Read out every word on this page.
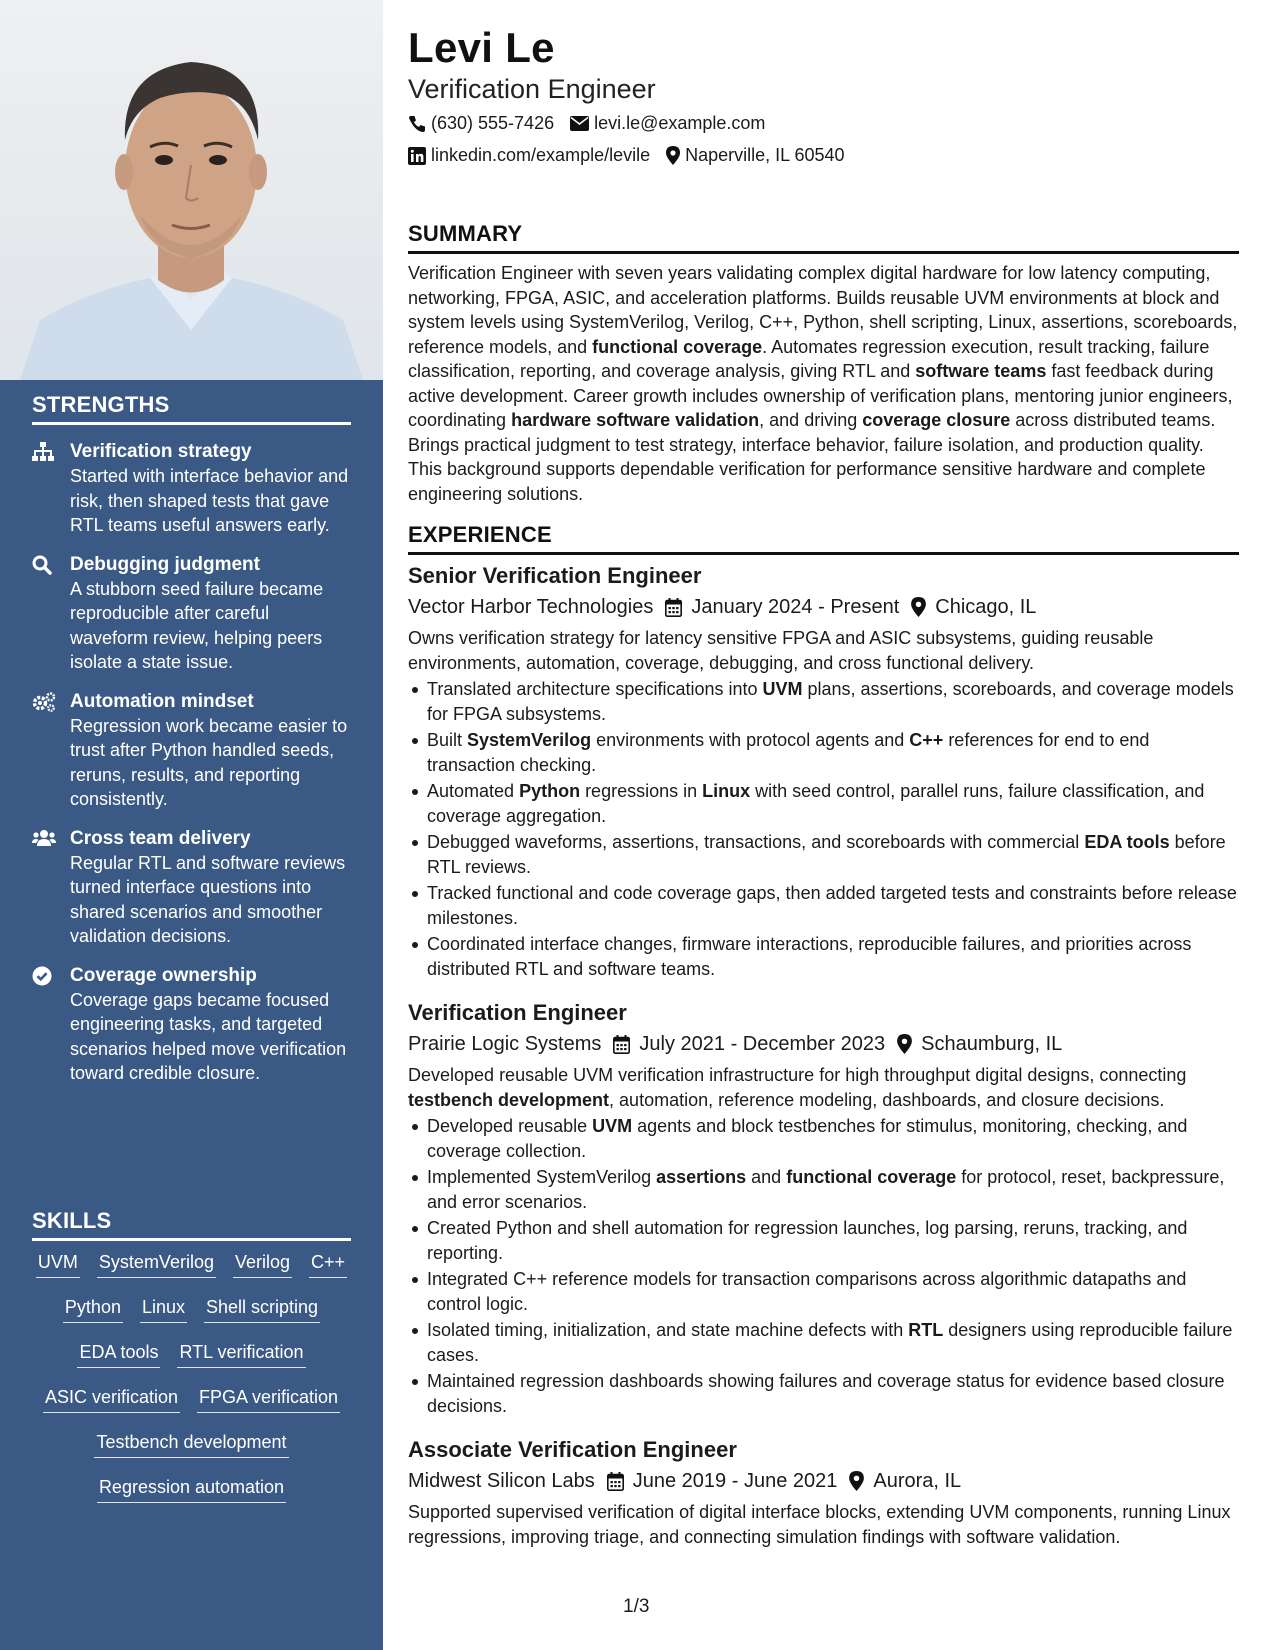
STRENGTHS
Verification strategy
Started with interface behavior and risk, then shaped tests that gave RTL teams useful answers early.
Debugging judgment
A stubborn seed failure became reproducible after careful waveform review, helping peers isolate a state issue.
Automation mindset
Regression work became easier to trust after Python handled seeds, reruns, results, and reporting consistently.
Cross team delivery
Regular RTL and software reviews turned interface questions into shared scenarios and smoother validation decisions.
Coverage ownership
Coverage gaps became focused engineering tasks, and targeted scenarios helped move verification toward credible closure.
SKILLS
UVM SystemVerilog Verilog C++
Python Linux Shell scripting
EDA tools RTL verification
ASIC verification FPGA verification
Testbench development
Regression automation
Levi Le
Verification Engineer
(630) 555-7426 levi.le@example.com
linkedin.com/example/levile Naperville, IL 60540
SUMMARY
Verification Engineer with seven years validating complex digital hardware for low latency computing, networking, FPGA, ASIC, and acceleration platforms. Builds reusable UVM environments at block and system levels using SystemVerilog, Verilog, C++, Python, shell scripting, Linux, assertions, scoreboards, reference models, and functional coverage. Automates regression execution, result tracking, failure classification, reporting, and coverage analysis, giving RTL and software teams fast feedback during active development. Career growth includes ownership of verification plans, mentoring junior engineers, coordinating hardware software validation, and driving coverage closure across distributed teams. Brings practical judgment to test strategy, interface behavior, failure isolation, and production quality. This background supports dependable verification for performance sensitive hardware and complete engineering solutions.
EXPERIENCE
Senior Verification Engineer
Vector Harbor Technologies January 2024 - Present Chicago, IL
Owns verification strategy for latency sensitive FPGA and ASIC subsystems, guiding reusable environments, automation, coverage, debugging, and cross functional delivery.
Translated architecture specifications into UVM plans, assertions, scoreboards, and coverage models for FPGA subsystems.
Built SystemVerilog environments with protocol agents and C++ references for end to end transaction checking.
Automated Python regressions in Linux with seed control, parallel runs, failure classification, and coverage aggregation.
Debugged waveforms, assertions, transactions, and scoreboards with commercial EDA tools before RTL reviews.
Tracked functional and code coverage gaps, then added targeted tests and constraints before release milestones.
Coordinated interface changes, firmware interactions, reproducible failures, and priorities across distributed RTL and software teams.
Verification Engineer
Prairie Logic Systems July 2021 - December 2023 Schaumburg, IL
Developed reusable UVM verification infrastructure for high throughput digital designs, connecting testbench development, automation, reference modeling, dashboards, and closure decisions.
Developed reusable UVM agents and block testbenches for stimulus, monitoring, checking, and coverage collection.
Implemented SystemVerilog assertions and functional coverage for protocol, reset, backpressure, and error scenarios.
Created Python and shell automation for regression launches, log parsing, reruns, tracking, and reporting.
Integrated C++ reference models for transaction comparisons across algorithmic datapaths and control logic.
Isolated timing, initialization, and state machine defects with RTL designers using reproducible failure cases.
Maintained regression dashboards showing failures and coverage status for evidence based closure decisions.
Associate Verification Engineer
Midwest Silicon Labs June 2019 - June 2021 Aurora, IL
Supported supervised verification of digital interface blocks, extending UVM components, running Linux regressions, improving triage, and connecting simulation findings with software validation.
1/3
